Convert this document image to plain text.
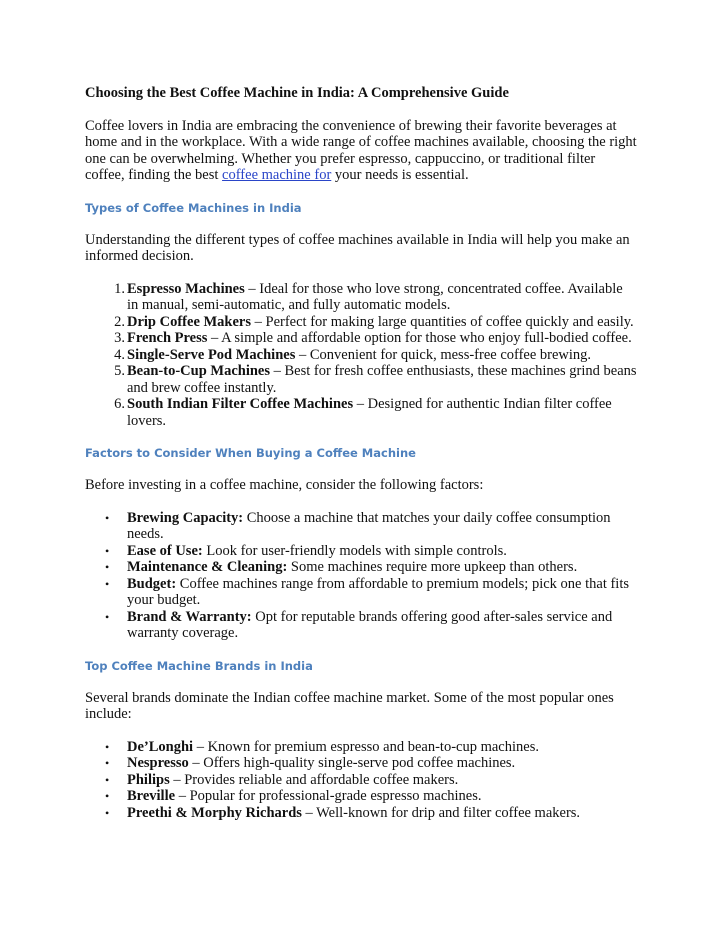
Choosing the Best Coffee Machine in India: A Comprehensive Guide

Coffee lovers in India are embracing the convenience of brewing their favorite beverages at home and in the workplace. With a wide range of coffee machines available, choosing the right one can be overwhelming. Whether you prefer espresso, cappuccino, or traditional filter coffee, finding the best coffee machine for your needs is essential.

Types of Coffee Machines in India

Understanding the different types of coffee machines available in India will help you make an informed decision.

1. Espresso Machines – Ideal for those who love strong, concentrated coffee. Available in manual, semi-automatic, and fully automatic models.
2. Drip Coffee Makers – Perfect for making large quantities of coffee quickly and easily.
3. French Press – A simple and affordable option for those who enjoy full-bodied coffee.
4. Single-Serve Pod Machines – Convenient for quick, mess-free coffee brewing.
5. Bean-to-Cup Machines – Best for fresh coffee enthusiasts, these machines grind beans and brew coffee instantly.
6. South Indian Filter Coffee Machines – Designed for authentic Indian filter coffee lovers.

Factors to Consider When Buying a Coffee Machine

Before investing in a coffee machine, consider the following factors:

• Brewing Capacity: Choose a machine that matches your daily coffee consumption needs.
• Ease of Use: Look for user-friendly models with simple controls.
• Maintenance & Cleaning: Some machines require more upkeep than others.
• Budget: Coffee machines range from affordable to premium models; pick one that fits your budget.
• Brand & Warranty: Opt for reputable brands offering good after-sales service and warranty coverage.

Top Coffee Machine Brands in India

Several brands dominate the Indian coffee machine market. Some of the most popular ones include:

• De’Longhi – Known for premium espresso and bean-to-cup machines.
• Nespresso – Offers high-quality single-serve pod coffee machines.
• Philips – Provides reliable and affordable coffee makers.
• Breville – Popular for professional-grade espresso machines.
• Preethi & Morphy Richards – Well-known for drip and filter coffee makers.
